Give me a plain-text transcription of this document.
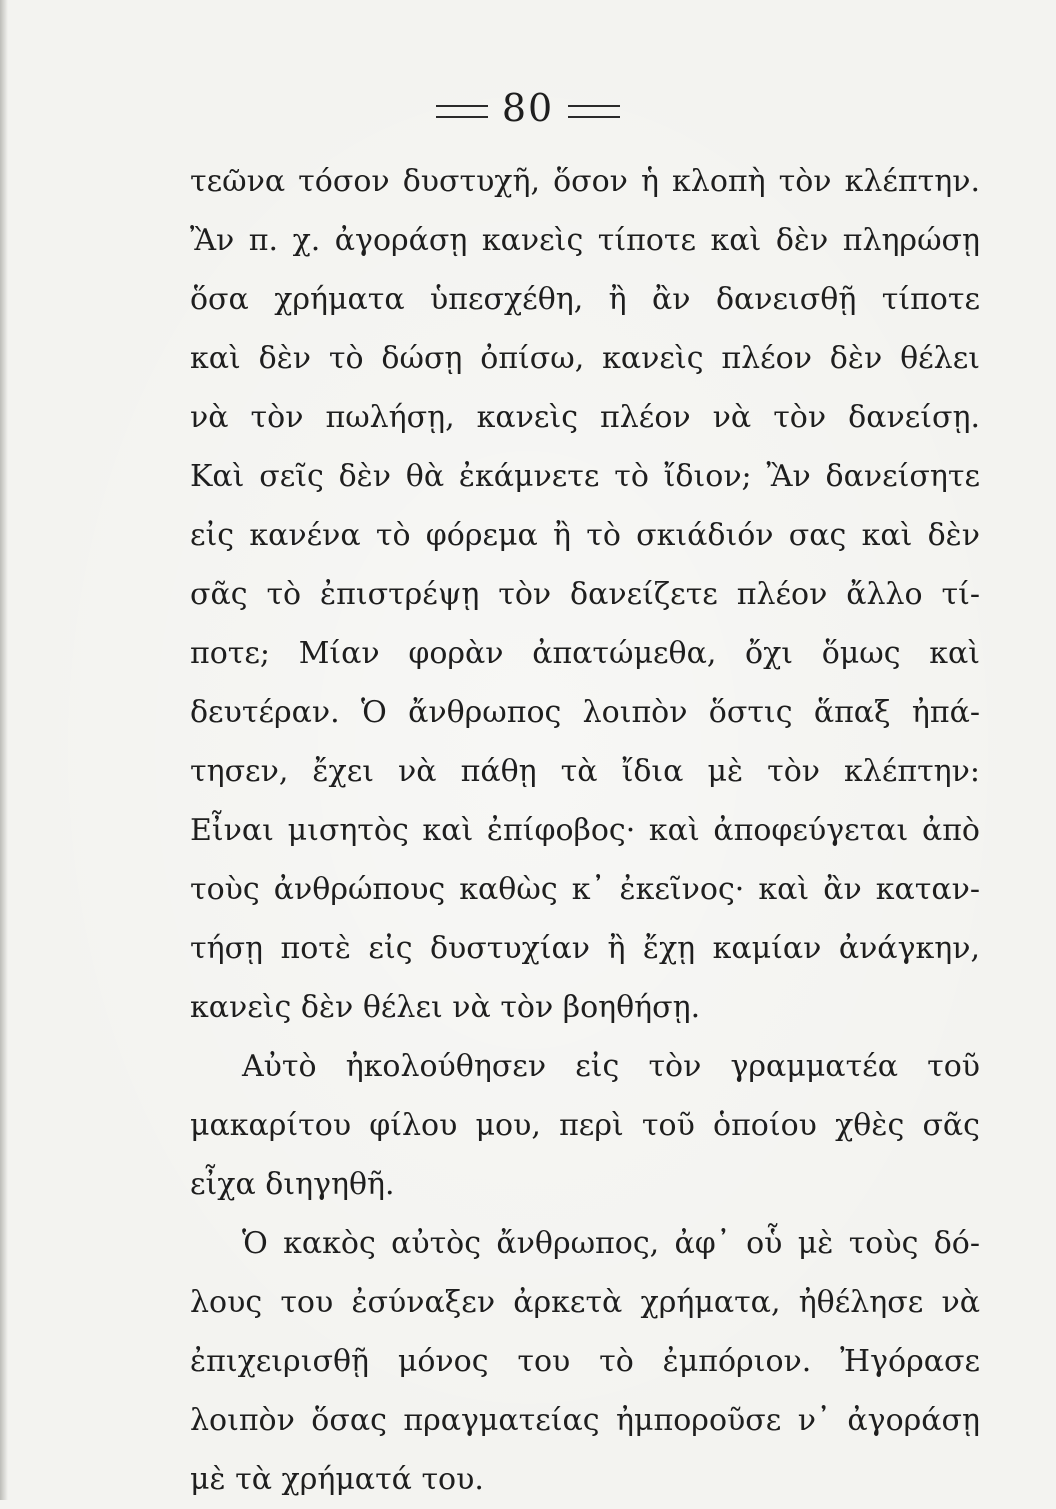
80
τεῶνα τόσον δυστυχῆ, ὅσον ἡ κλοπὴ τὸν κλέπτην.
Ἂν π. χ. ἀγοράσῃ κανεὶς τίποτε καὶ δὲν πληρώσῃ
ὅσα χρήματα ὑπεσχέθη, ἢ ἂν δανεισθῇ τίποτε
καὶ δὲν τὸ δώσῃ ὀπίσω, κανεὶς πλέον δὲν θέλει
νὰ τὸν πωλήσῃ, κανεὶς πλέον νὰ τὸν δανείσῃ.
Καὶ σεῖς δὲν θὰ ἐκάμνετε τὸ ἴδιον; Ἂν δανείσητε
εἰς κανένα τὸ φόρεμα ἢ τὸ σκιάδιόν σας καὶ δὲν
σᾶς τὸ ἐπιστρέψῃ τὸν δανείζετε πλέον ἄλλο τί-
ποτε; Μίαν φορὰν ἀπατώμεθα, ὄχι ὅμως καὶ
δευτέραν. Ὁ ἄνθρωπος λοιπὸν ὅστις ἅπαξ ἠπά-
τησεν, ἔχει νὰ πάθῃ τὰ ἴδια μὲ τὸν κλέπτην:
Εἶναι μισητὸς καὶ ἐπίφοβος· καὶ ἀποφεύγεται ἀπὸ
τοὺς ἀνθρώπους καθὼς κ᾽ ἐκεῖνος· καὶ ἂν καταν-
τήσῃ ποτὲ εἰς δυστυχίαν ἢ ἔχῃ καμίαν ἀνάγκην,
κανεὶς δὲν θέλει νὰ τὸν βοηθήσῃ.
Αὐτὸ ἠκολούθησεν εἰς τὸν γραμματέα τοῦ
μακαρίτου φίλου μου, περὶ τοῦ ὁποίου χθὲς σᾶς
εἶχα διηγηθῆ.
Ὁ κακὸς αὐτὸς ἄνθρωπος, ἀφ᾽ οὗ μὲ τοὺς δό-
λους του ἐσύναξεν ἀρκετὰ χρήματα, ἠθέλησε νὰ
ἐπιχειρισθῇ μόνος του τὸ ἐμπόριον. Ἠγόρασε
λοιπὸν ὅσας πραγματείας ἠμποροῦσε ν᾽ ἀγοράσῃ
μὲ τὰ χρήματά του.
